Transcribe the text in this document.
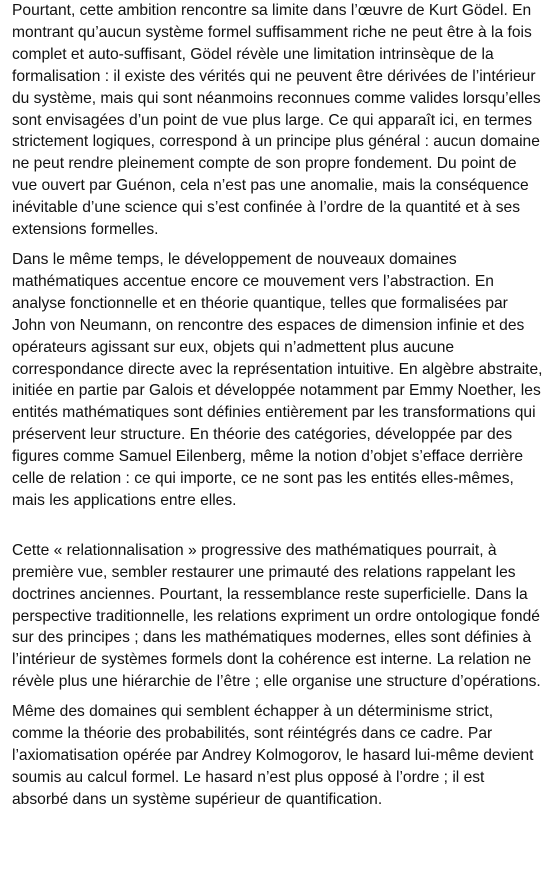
Pourtant, cette ambition rencontre sa limite dans l’œuvre de Kurt Gödel. En montrant qu’aucun système formel suffisamment riche ne peut être à la fois complet et auto-suffisant, Gödel révèle une limitation intrinsèque de la formalisation : il existe des vérités qui ne peuvent être dérivées de l’intérieur du système, mais qui sont néanmoins reconnues comme valides lorsqu’elles sont envisagées d’un point de vue plus large. Ce qui apparaît ici, en termes strictement logiques, correspond à un principe plus général : aucun domaine ne peut rendre pleinement compte de son propre fondement. Du point de vue ouvert par Guénon, cela n’est pas une anomalie, mais la conséquence inévitable d’une science qui s’est confinée à l’ordre de la quantité et à ses extensions formelles.

Dans le même temps, le développement de nouveaux domaines mathématiques accentue encore ce mouvement vers l’abstraction. En analyse fonctionnelle et en théorie quantique, telles que formalisées par John von Neumann, on rencontre des espaces de dimension infinie et des opérateurs agissant sur eux, objets qui n’admettent plus aucune correspondance directe avec la représentation intuitive. En algèbre abstraite, initiée en partie par Galois et développée notamment par Emmy Noether, les entités mathématiques sont définies entièrement par les transformations qui préservent leur structure. En théorie des catégories, développée par des figures comme Samuel Eilenberg, même la notion d’objet s’efface derrière celle de relation : ce qui importe, ce ne sont pas les entités elles-mêmes, mais les applications entre elles.

Cette « relationnalisation » progressive des mathématiques pourrait, à première vue, sembler restaurer une primauté des relations rappelant les doctrines anciennes. Pourtant, la ressemblance reste superficielle. Dans la perspective traditionnelle, les relations expriment un ordre ontologique fondé sur des principes ; dans les mathématiques modernes, elles sont définies à l’intérieur de systèmes formels dont la cohérence est interne. La relation ne révèle plus une hiérarchie de l’être ; elle organise une structure d’opérations.

Même des domaines qui semblent échapper à un déterminisme strict, comme la théorie des probabilités, sont réintégrés dans ce cadre. Par l’axiomatisation opérée par Andrey Kolmogorov, le hasard lui-même devient soumis au calcul formel. Le hasard n’est plus opposé à l’ordre ; il est absorbé dans un système supérieur de quantification.
